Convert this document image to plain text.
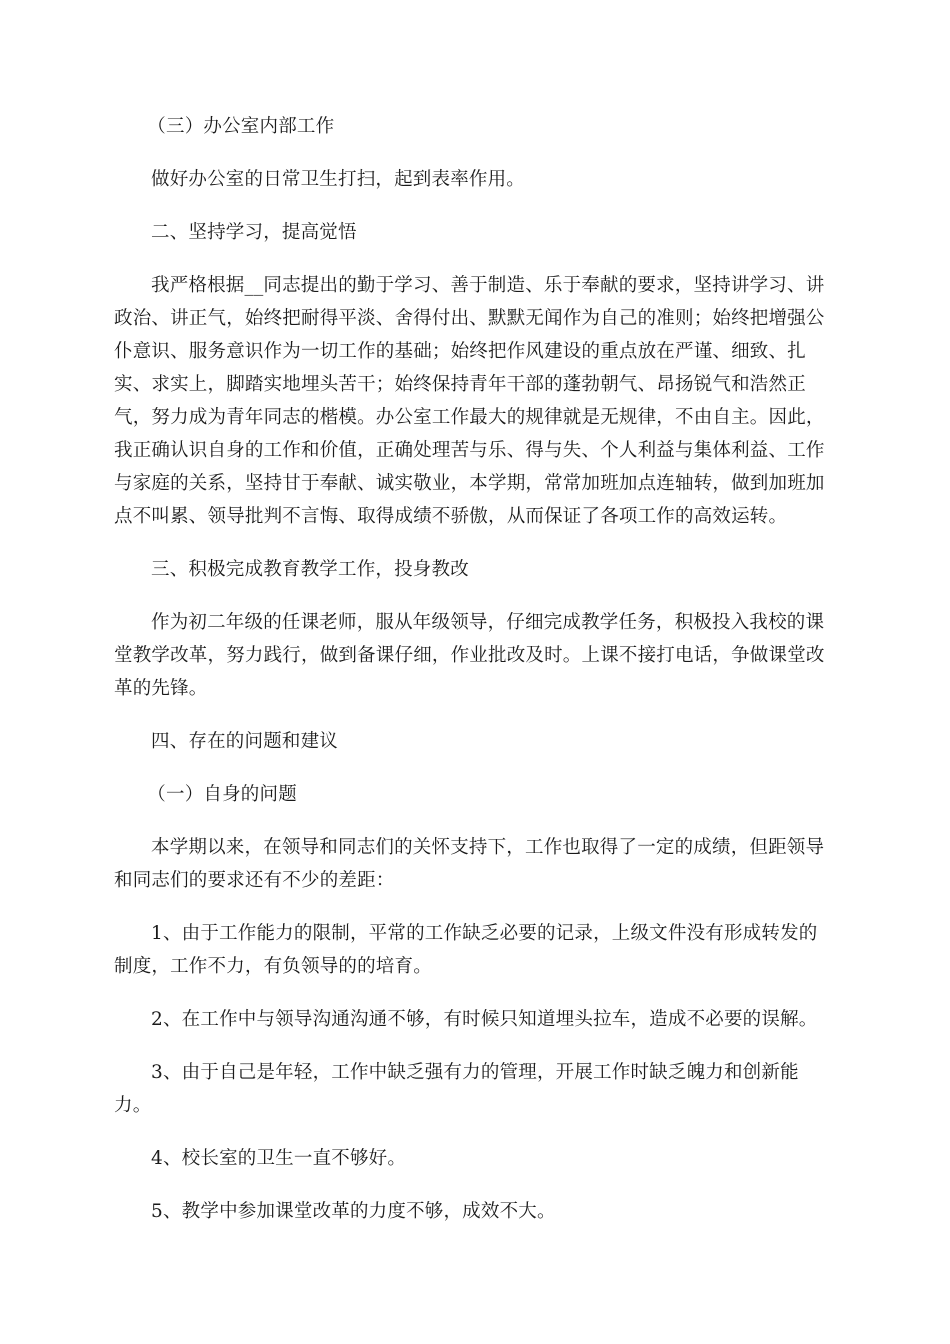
（三）办公室内部工作

做好办公室的日常卫生打扫，起到表率作用。

二、坚持学习，提高觉悟

我严格根据__同志提出的勤于学习、善于制造、乐于奉献的要求，坚持讲学习、讲政治、讲正气，始终把耐得平淡、舍得付出、默默无闻作为自己的准则；始终把增强公仆意识、服务意识作为一切工作的基础；始终把作风建设的重点放在严谨、细致、扎实、求实上，脚踏实地埋头苦干；始终保持青年干部的蓬勃朝气、昂扬锐气和浩然正气，努力成为青年同志的楷模。办公室工作最大的规律就是无规律，不由自主。因此，我正确认识自身的工作和价值，正确处理苦与乐、得与失、个人利益与集体利益、工作与家庭的关系，坚持甘于奉献、诚实敬业，本学期，常常加班加点连轴转，做到加班加点不叫累、领导批判不言悔、取得成绩不骄傲，从而保证了各项工作的高效运转。

三、积极完成教育教学工作，投身教改

作为初二年级的任课老师，服从年级领导，仔细完成教学任务，积极投入我校的课堂教学改革，努力践行，做到备课仔细，作业批改及时。上课不接打电话，争做课堂改革的先锋。

四、存在的问题和建议

（一）自身的问题

本学期以来，在领导和同志们的关怀支持下，工作也取得了一定的成绩，但距领导和同志们的要求还有不少的差距：

1、由于工作能力的限制，平常的工作缺乏必要的记录，上级文件没有形成转发的制度，工作不力，有负领导的的培育。

2、在工作中与领导沟通沟通不够，有时候只知道埋头拉车，造成不必要的误解。

3、由于自己是年轻，工作中缺乏强有力的管理，开展工作时缺乏魄力和创新能力。

4、校长室的卫生一直不够好。

5、教学中参加课堂改革的力度不够，成效不大。
